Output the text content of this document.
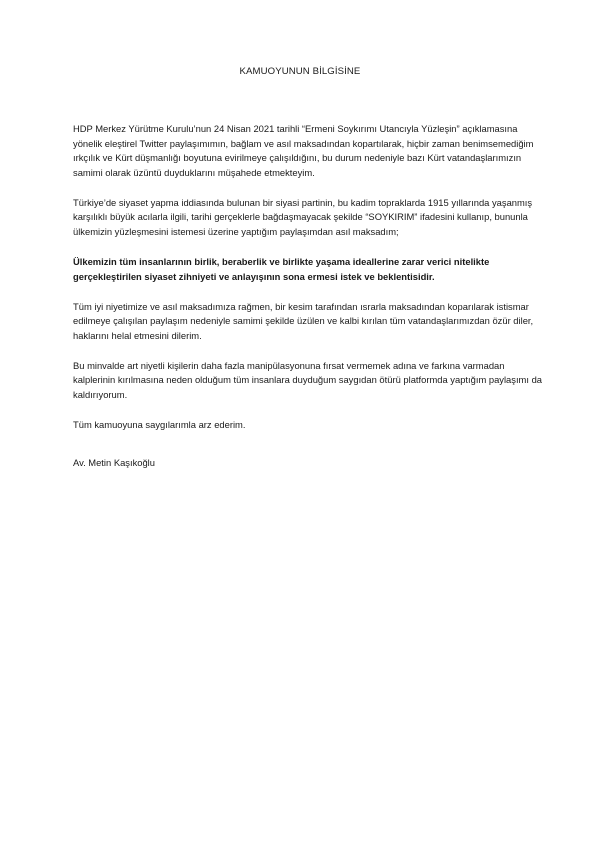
KAMUOYUNUN BİLGİSİNE

HDP Merkez Yürütme Kurulu’nun 24 Nisan 2021 tarihli “Ermeni Soykırımı Utancıyla Yüzleşin” açıklamasına yönelik eleştirel Twitter paylaşımımın, bağlam ve asıl maksadından kopartılarak, hiçbir zaman benimsemediğim ırkçılık ve Kürt düşmanlığı boyutuna evirilmeye çalışıldığını, bu durum nedeniyle bazı Kürt vatandaşlarımızın samimi olarak üzüntü duyduklarını müşahede etmekteyim.

Türkiye’de siyaset yapma iddiasında bulunan bir siyasi partinin, bu kadim topraklarda 1915 yıllarında yaşanmış karşılıklı büyük acılarla ilgili, tarihi gerçeklerle bağdaşmayacak şekilde “SOYKIRIM” ifadesini kullanıp, bununla ülkemizin yüzleşmesini istemesi üzerine yaptığım paylaşımdan asıl maksadım;

Ülkemizin tüm insanlarının birlik, beraberlik ve birlikte yaşama ideallerine zarar verici nitelikte gerçekleştirilen siyaset zihniyeti ve anlayışının sona ermesi istek ve beklentisidir.

Tüm iyi niyetimize ve asıl maksadımıza rağmen, bir kesim tarafından ısrarla maksadından koparılarak istismar edilmeye çalışılan paylaşım nedeniyle samimi şekilde üzülen ve kalbi kırılan tüm vatandaşlarımızdan özür diler, haklarını helal etmesini dilerim.

Bu minvalde art niyetli kişilerin daha fazla manipülasyonuna fırsat vermemek adına ve farkına varmadan kalplerinin kırılmasına neden olduğum tüm insanlara duyduğum saygıdan ötürü platformda yaptığım paylaşımı da kaldırıyorum.

Tüm kamuoyuna saygılarımla arz ederim.

Av. Metin Kaşıkoğlu
